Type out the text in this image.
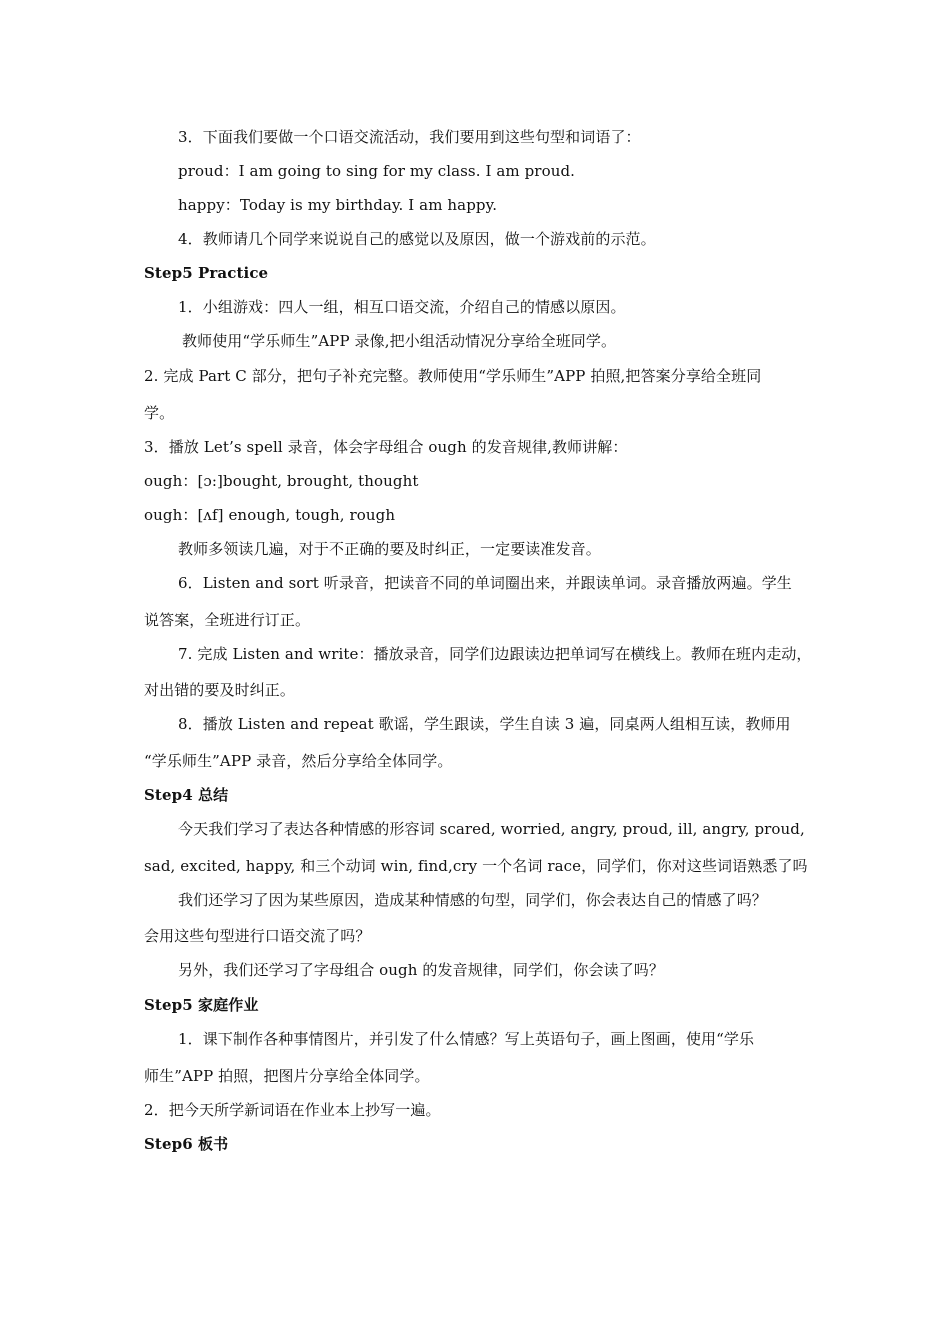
3．下面我们要做一个口语交流活动，我们要用到这些句型和词语了：
proud：I am going to sing for my class. I am proud.
happy：Today is my birthday. I am happy.
4．教师请几个同学来说说自己的感觉以及原因，做一个游戏前的示范。
Step5 Practice
1．小组游戏：四人一组，相互口语交流，介绍自己的情感以原因。
教师使用“学乐师生”APP 录像,把小组活动情况分享给全班同学。
2. 完成 Part C 部分，把句子补充完整。教师使用“学乐师生”APP 拍照,把答案分享给全班同
学。
3．播放 Let’s spell 录音，体会字母组合 ough 的发音规律,教师讲解：
ough：[ɔ:]bought, brought, thought
ough：[ʌf] enough, tough, rough
教师多领读几遍，对于不正确的要及时纠正，一定要读准发音。
6．Listen and sort 听录音，把读音不同的单词圈出来，并跟读单词。录音播放两遍。学生
说答案，全班进行订正。
7. 完成 Listen and write：播放录音，同学们边跟读边把单词写在横线上。教师在班内走动，
对出错的要及时纠正。
8．播放 Listen and repeat 歌谣，学生跟读，学生自读 3 遍，同桌两人组相互读，教师用
“学乐师生”APP 录音，然后分享给全体同学。
Step4 总结
今天我们学习了表达各种情感的形容词 scared, worried, angry, proud, ill, angry, proud,
sad, excited, happy, 和三个动词 win, find,cry 一个名词 race，同学们，你对这些词语熟悉了吗
我们还学习了因为某些原因，造成某种情感的句型，同学们，你会表达自己的情感了吗？
会用这些句型进行口语交流了吗？
另外，我们还学习了字母组合 ough 的发音规律，同学们，你会读了吗？
Step5 家庭作业
1．课下制作各种事情图片，并引发了什么情感？写上英语句子，画上图画，使用“学乐
师生”APP 拍照，把图片分享给全体同学。
2．把今天所学新词语在作业本上抄写一遍。
Step6 板书
